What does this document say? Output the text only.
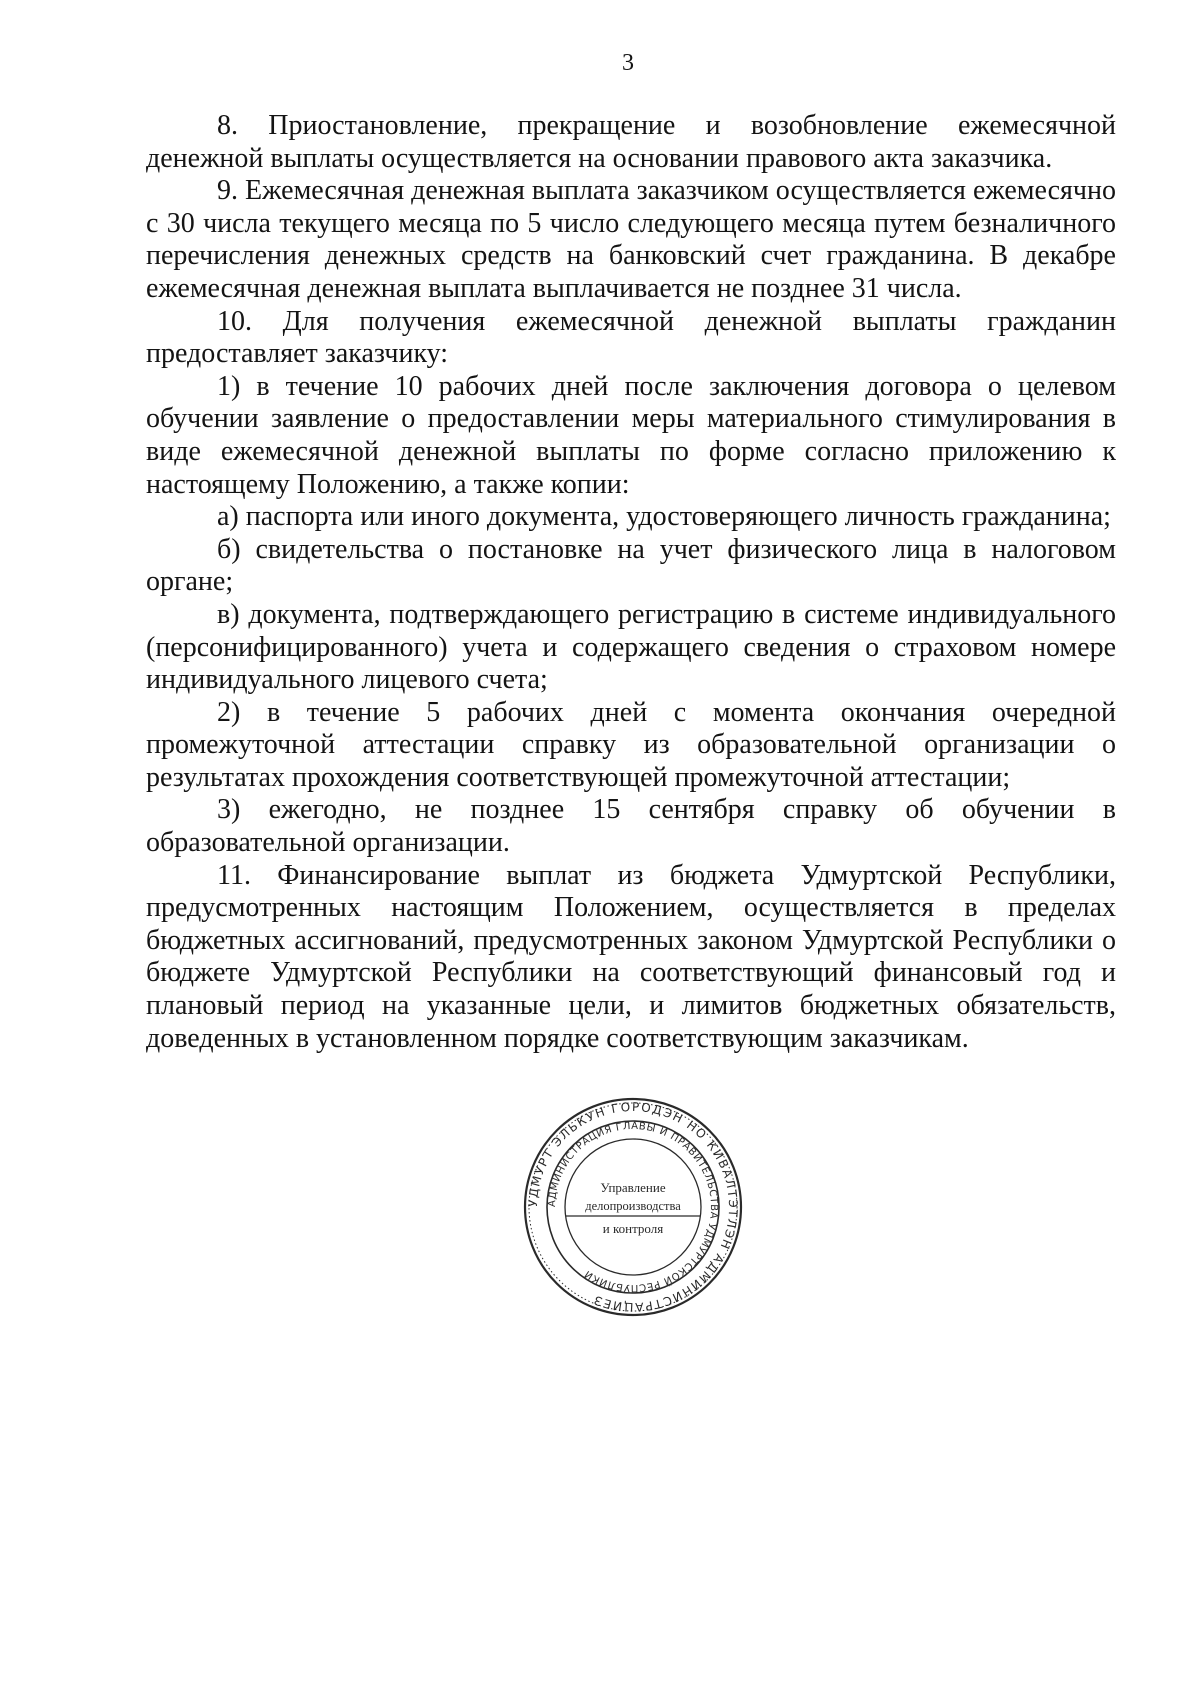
3

8. Приостановление, прекращение и возобновление ежемесячной денежной выплаты осуществляется на основании правового акта заказчика.

9. Ежемесячная денежная выплата заказчиком осуществляется ежемесячно с 30 числа текущего месяца по 5 число следующего месяца путем безналичного перечисления денежных средств на банковский счет гражданина. В декабре ежемесячная денежная выплата выплачивается не позднее 31 числа.

10. Для получения ежемесячной денежной выплаты гражданин предоставляет заказчику:

1) в течение 10 рабочих дней после заключения договора о целевом обучении заявление о предоставлении меры материального стимулирования в виде ежемесячной денежной выплаты по форме согласно приложению к настоящему Положению, а также копии:

а) паспорта или иного документа, удостоверяющего личность гражданина;

б) свидетельства о постановке на учет физического лица в налоговом органе;

в) документа, подтверждающего регистрацию в системе индивидуального (персонифицированного) учета и содержащего сведения о страховом номере индивидуального лицевого счета;

2) в течение 5 рабочих дней с момента окончания очередной промежуточной аттестации справку из образовательной организации о результатах прохождения соответствующей промежуточной аттестации;

3) ежегодно, не позднее 15 сентября справку об обучении в образовательной организации.

11. Финансирование выплат из бюджета Удмуртской Республики, предусмотренных настоящим Положением, осуществляется в пределах бюджетных ассигнований, предусмотренных законом Удмуртской Республики о бюджете Удмуртской Республики на соответствующий финансовый год и плановый период на указанные цели, и лимитов бюджетных обязательств, доведенных в установленном порядке соответствующим заказчикам.

УДМУРТ ЭЛЬКУН ГОРОДЭН НО КИВАЛТЭТЛЭН АДМИНИСТРАЦИЕЗ
АДМИНИСТРАЦИЯ ГЛАВЫ И ПРАВИТЕЛЬСТВА УДМУРТСКОЙ РЕСПУБЛИКИ
Управление
делопроизводства
и контроля
